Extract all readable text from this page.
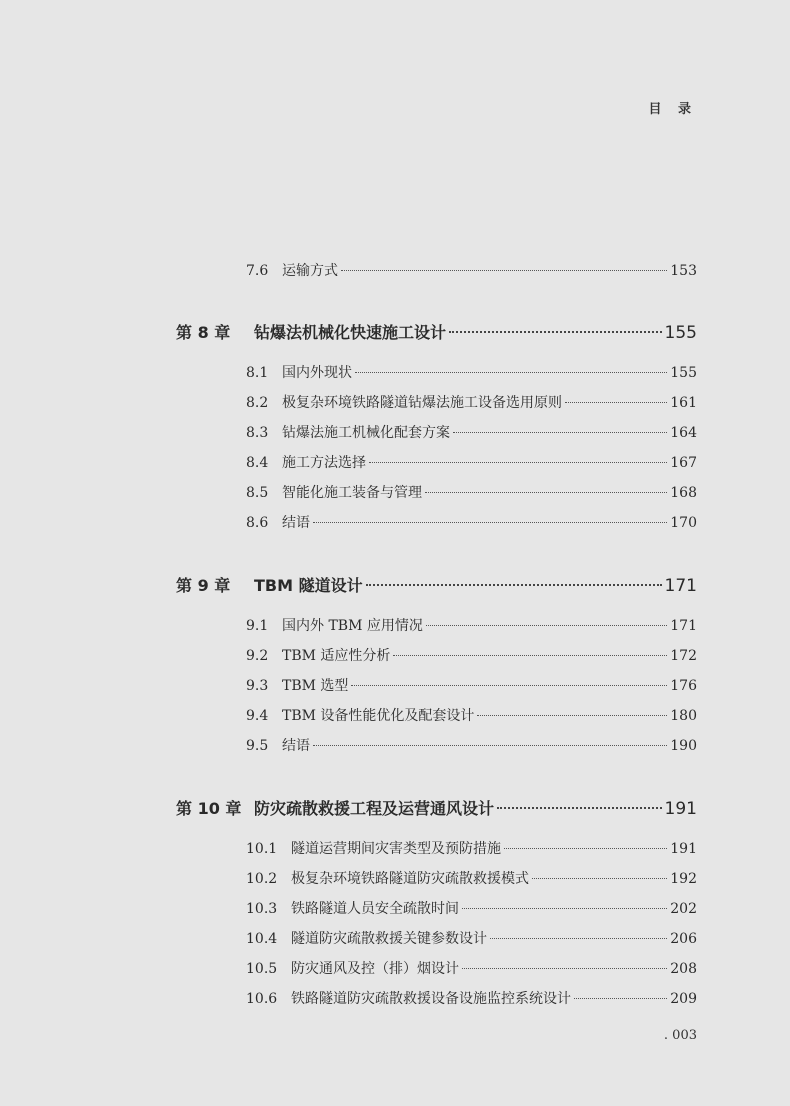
目 录
7.6 运输方式	153
第 8 章	钻爆法机械化快速施工设计	155
8.1 国内外现状	155
8.2 极复杂环境铁路隧道钻爆法施工设备选用原则	161
8.3 钻爆法施工机械化配套方案	164
8.4 施工方法选择	167
8.5 智能化施工装备与管理	168
8.6 结语	170
第 9 章	TBM 隧道设计	171
9.1 国内外 TBM 应用情况	171
9.2 TBM 适应性分析	172
9.3 TBM 选型	176
9.4 TBM 设备性能优化及配套设计	180
9.5 结语	190
第 10 章 防灾疏散救援工程及运营通风设计	191
10.1 隧道运营期间灾害类型及预防措施	191
10.2 极复杂环境铁路隧道防灾疏散救援模式	192
10.3 铁路隧道人员安全疏散时间	202
10.4 隧道防灾疏散救援关键参数设计	206
10.5 防灾通风及控（排）烟设计	208
10.6 铁路隧道防灾疏散救援设备设施监控系统设计	209
. 003
